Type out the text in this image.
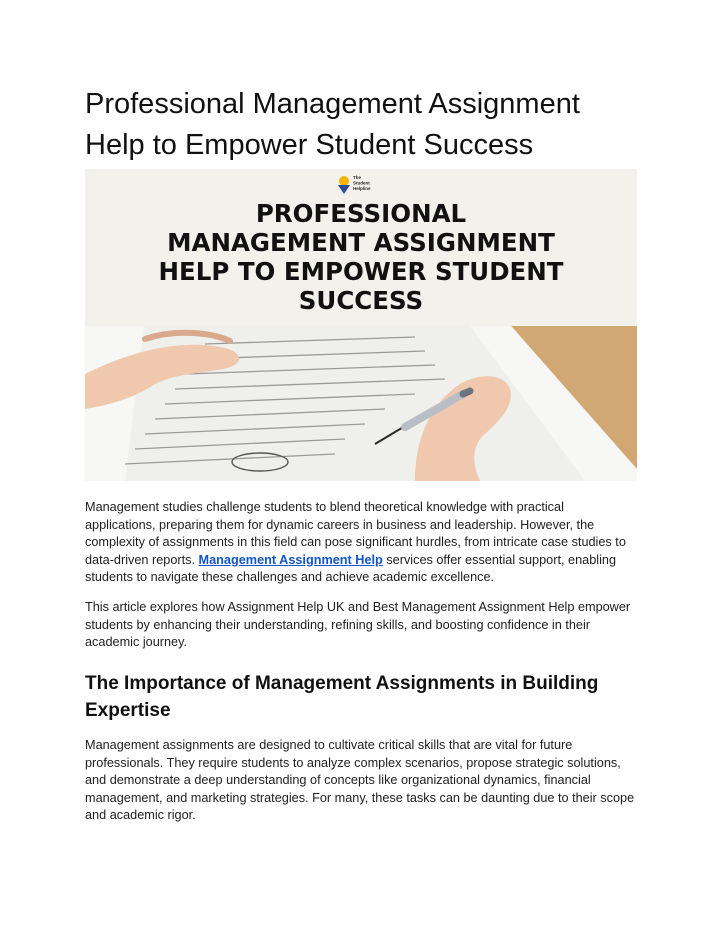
Professional Management Assignment Help to Empower Student Success
The
Student
Helpline
PROFESSIONAL
MANAGEMENT ASSIGNMENT
HELP TO EMPOWER STUDENT
SUCCESS

Management studies challenge students to blend theoretical knowledge with practical applications, preparing them for dynamic careers in business and leadership. However, the complexity of assignments in this field can pose significant hurdles, from intricate case studies to data-driven reports. Management Assignment Help services offer essential support, enabling students to navigate these challenges and achieve academic excellence.

This article explores how Assignment Help UK and Best Management Assignment Help empower students by enhancing their understanding, refining skills, and boosting confidence in their academic journey.

The Importance of Management Assignments in Building Expertise

Management assignments are designed to cultivate critical skills that are vital for future professionals. They require students to analyze complex scenarios, propose strategic solutions, and demonstrate a deep understanding of concepts like organizational dynamics, financial management, and marketing strategies. For many, these tasks can be daunting due to their scope and academic rigor.
